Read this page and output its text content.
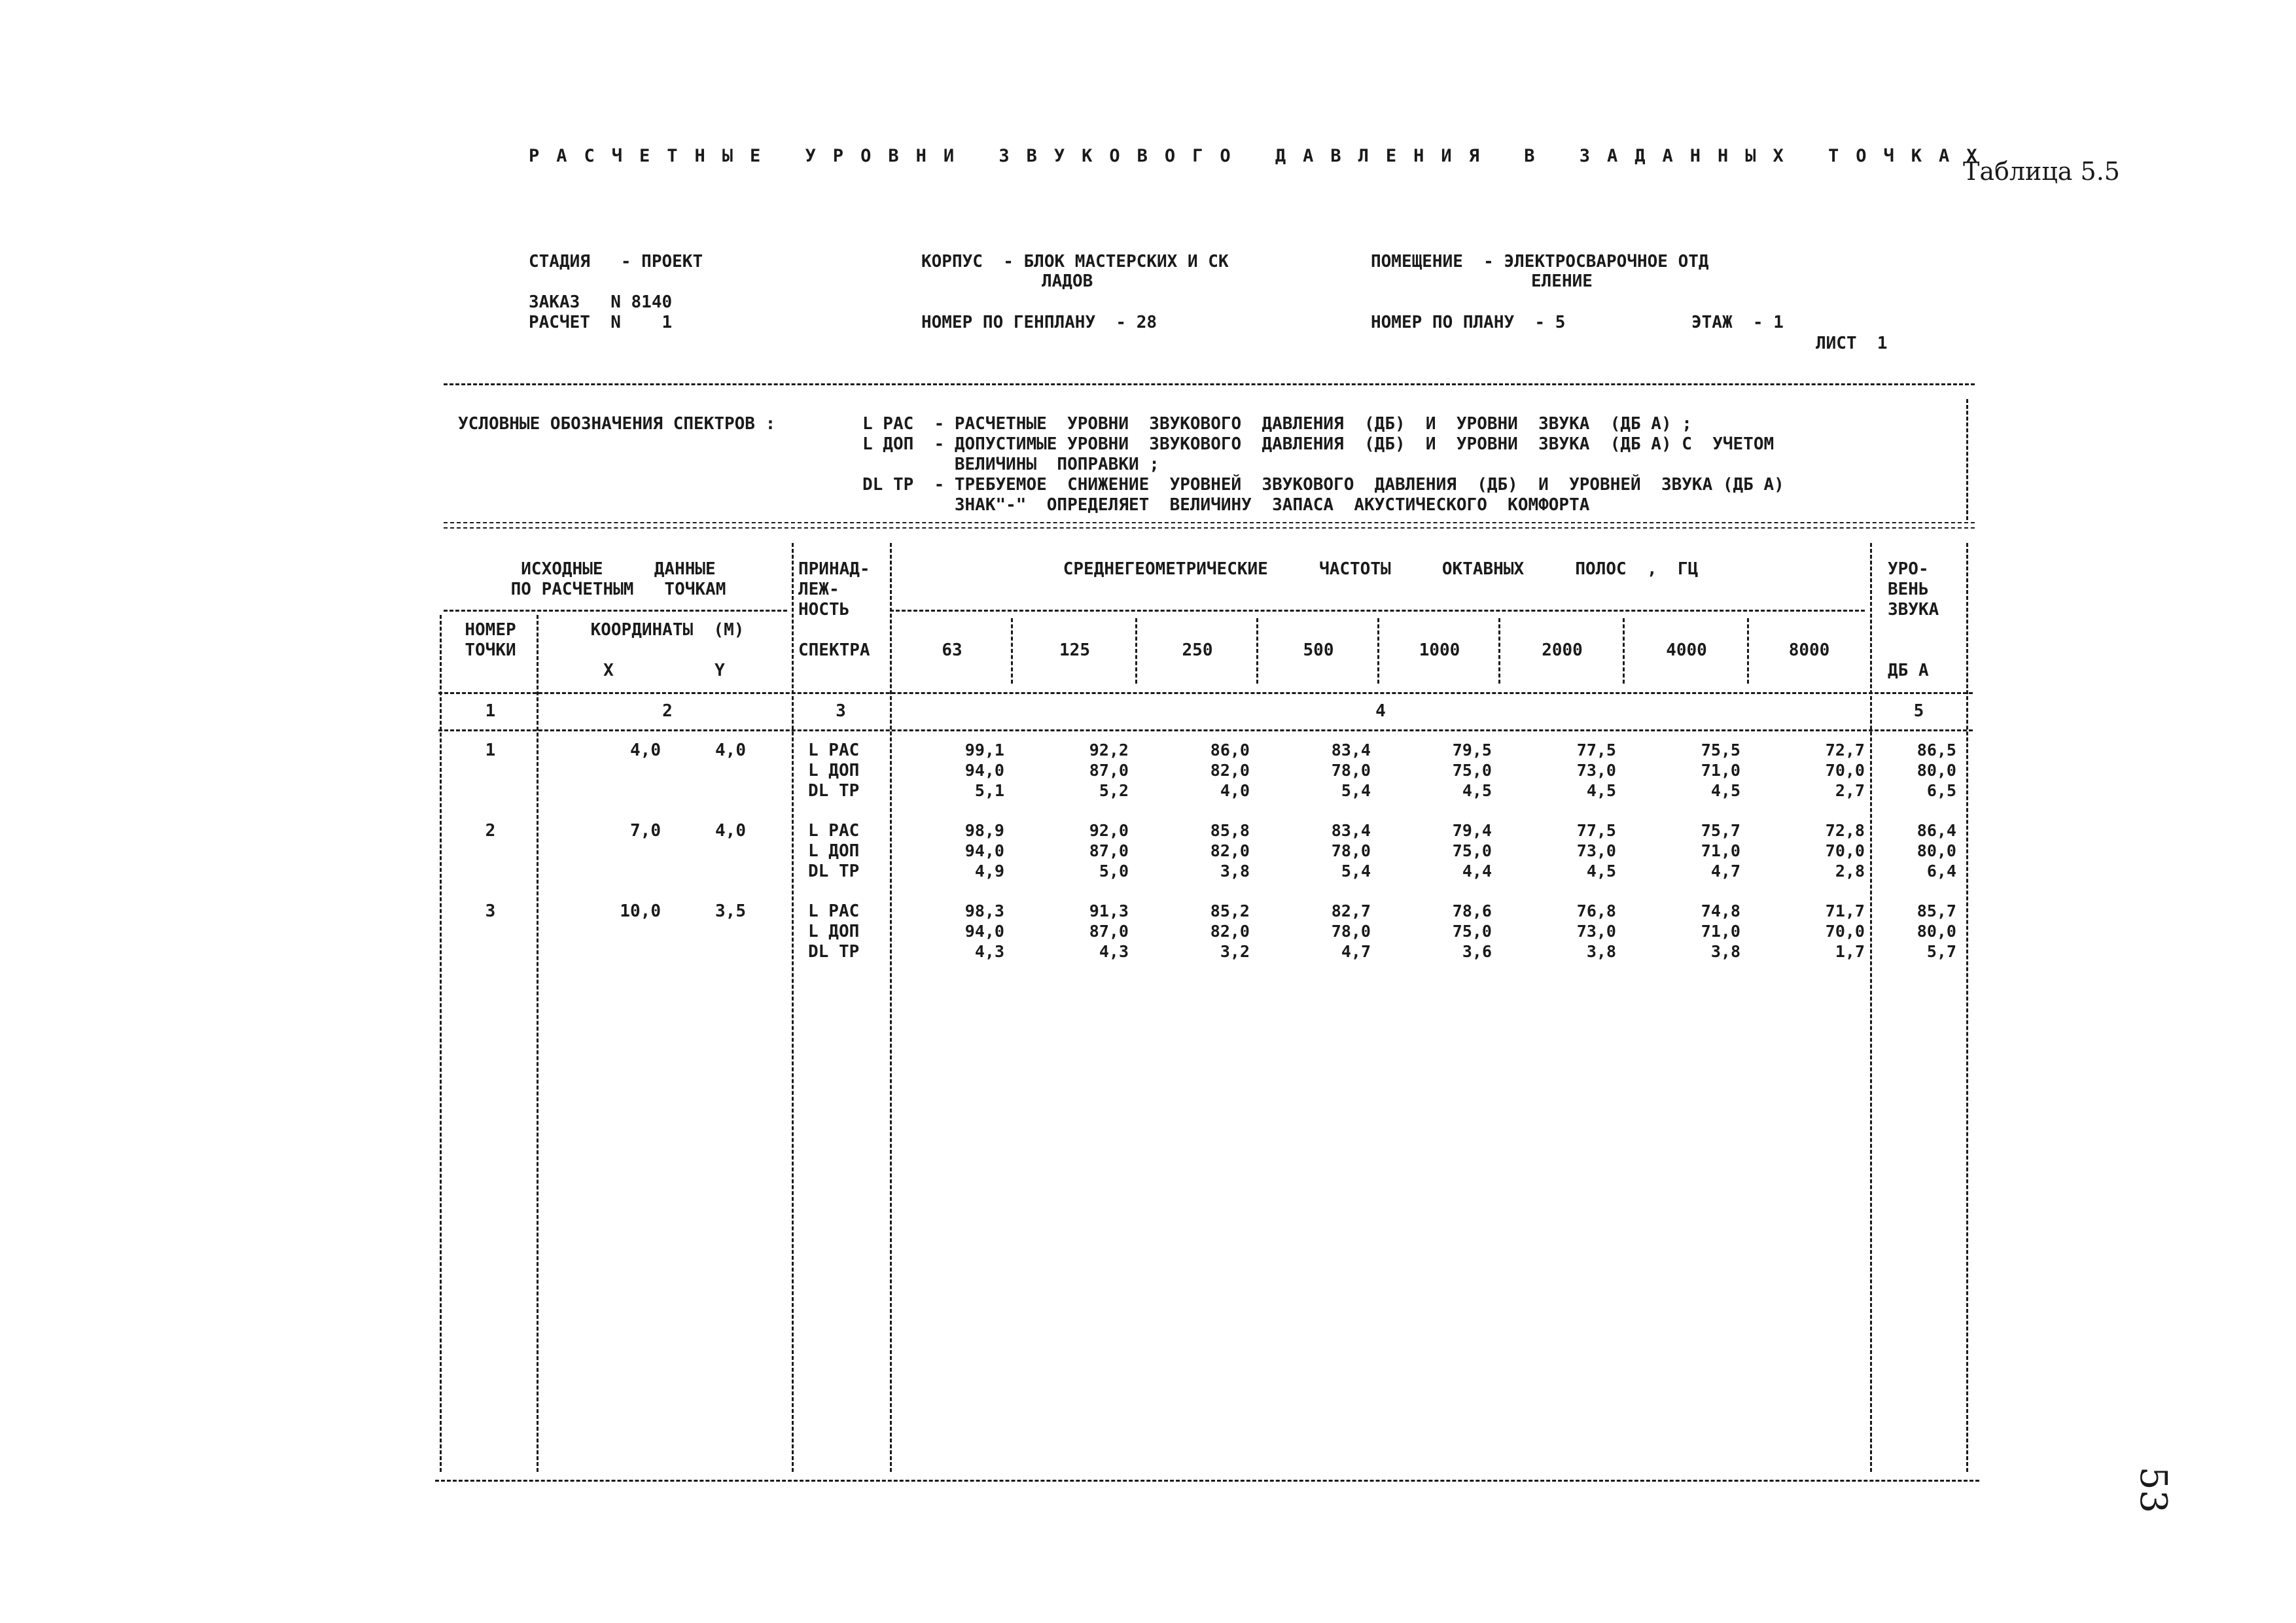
РАСЧЕТНЫЕ УРОВНИ ЗВУКОВОГО ДАВЛЕНИЯ В ЗАДАННЫХ ТОЧКАХ
Таблица 5.5
СТАДИЯ   - ПРОЕКТ
ЗАКАЗ   N 8140
РАСЧЕТ  N    1
КОРПУС  - БЛОК МАСТЕРСКИХ И СК
ЛАДОВ
НОМЕР ПО ГЕНПЛАНУ  - 28
ПОМЕЩЕНИЕ  - ЭЛЕКТРОСВАРОЧНОЕ ОТД
ЕЛЕНИЕ
НОМЕР ПО ПЛАНУ  - 5	ЭТАЖ  - 1
ЛИСТ  1
УСЛОВНЫЕ ОБОЗНАЧЕНИЯ СПЕКТРОВ :	L РАС  - РАСЧЕТНЫЕ  УРОВНИ  ЗВУКОВОГО  ДАВЛЕНИЯ  (ДБ)  И  УРОВНИ  ЗВУКА  (ДБ А) ;
L ДОП  - ДОПУСТИМЫЕ УРОВНИ  ЗВУКОВОГО  ДАВЛЕНИЯ  (ДБ)  И  УРОВНИ  ЗВУКА  (ДБ А) С  УЧЕТОМ
ВЕЛИЧИНЫ  ПОПРАВКИ ;
DL ТР  - ТРЕБУЕМОЕ  СНИЖЕНИЕ  УРОВНЕЙ  ЗВУКОВОГО  ДАВЛЕНИЯ  (ДБ)  И  УРОВНЕЙ  ЗВУКА (ДБ А)
ЗНАК"-"  ОПРЕДЕЛЯЕТ  ВЕЛИЧИНУ  ЗАПАСА  АКУСТИЧЕСКОГО  КОМФОРТА
ИСХОДНЫЕ     ДАННЫЕ
ПО РАСЧЕТНЫМ   ТОЧКАМ
НОМЕР
ТОЧКИ
КООРДИНАТЫ  (М)
X	Y
ПРИНАД-
ЛЕЖ-
НОСТЬ
СПЕКТРА
СРЕДНЕГЕОМЕТРИЧЕСКИЕ     ЧАСТОТЫ     ОКТАВНЫХ     ПОЛОС  ,  ГЦ
63	125	250	500	1000	2000	4000	8000
УРО-
ВЕНЬ
ЗВУКА
ДБ А
1	2	3	4	5
1	4,0	4,0	L РАС	99,1	92,2	86,0	83,4	79,5	77,5	75,5	72,7	86,5
L ДОП	94,0	87,0	82,0	78,0	75,0	73,0	71,0	70,0	80,0
DL ТР	5,1	5,2	4,0	5,4	4,5	4,5	4,5	2,7	6,5
2	7,0	4,0	L РАС	98,9	92,0	85,8	83,4	79,4	77,5	75,7	72,8	86,4
L ДОП	94,0	87,0	82,0	78,0	75,0	73,0	71,0	70,0	80,0
DL ТР	4,9	5,0	3,8	5,4	4,4	4,5	4,7	2,8	6,4
3	10,0	3,5	L РАС	98,3	91,3	85,2	82,7	78,6	76,8	74,8	71,7	85,7
L ДОП	94,0	87,0	82,0	78,0	75,0	73,0	71,0	70,0	80,0
DL ТР	4,3	4,3	3,2	4,7	3,6	3,8	3,8	1,7	5,7
53
